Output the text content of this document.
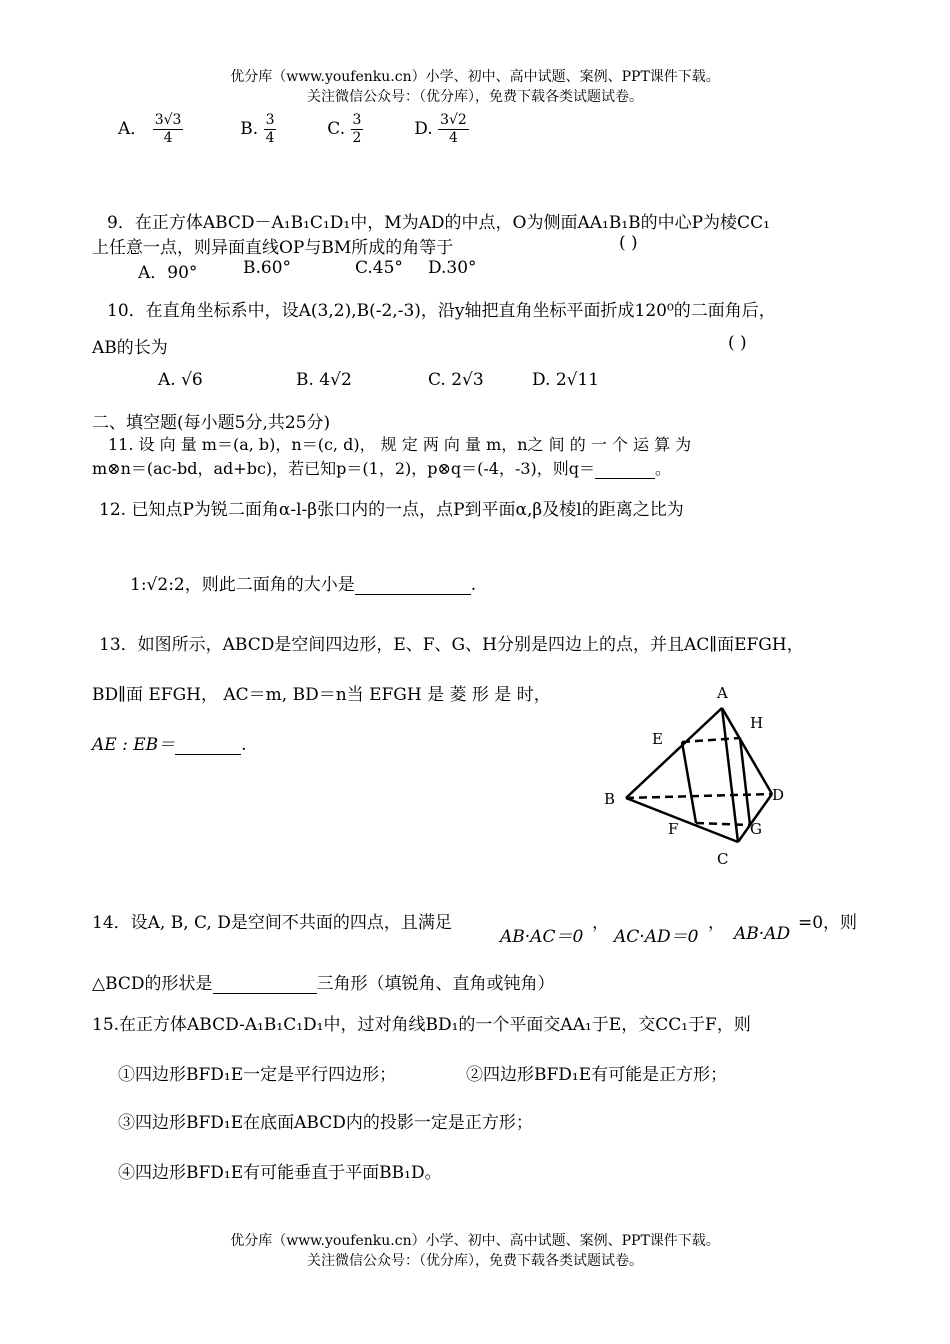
优分库（www.youfenku.cn）小学、初中、高中试题、案例、PPT课件下载。
关注微信公众号：（优分库），免费下载各类试题试卷。
A． $\frac{3√3}{4}$	B. $\frac{3}{4}$	C. $\frac{3}{2}$	D. $\frac{3√2}{4}$
9．在正方体ABCD－A₁B₁C₁D₁中，M为AD的中点，O为侧面AA₁B₁B的中心P为棱CC₁
上任意一点，则异面直线OP与BM所成的角等于	( )
A．90°	B.60°	C.45° D.30°
10．在直角坐标系中，设A(3,2),B(-2,-3)，沿y轴把直角坐标平面折成120⁰的二面角后，
AB的长为	( )
A. √6	B. 4√2	C. 2√3	D. 2√11
二、填空题(每小题5分,共25分)
11. 设 向 量 m＝(a, b)，n＝(c, d)， 规 定 两 向 量 m，n之 间 的 一 个 运 算 为
m⊗n＝(ac-bd，ad+bc)，若已知p＝(1，2)，p⊗q＝(-4，-3)，则q＝	。
12. 已知点P为锐二面角α-l-β张口内的一点，点P到平面α,β及棱l的距离之比为
1:√2:2，则此二面角的大小是	.
13．如图所示，ABCD是空间四边形，E、F、G、H分别是四边上的点，并且AC∥面EFGH，
BD∥面 EFGH， AC＝m, BD＝n当 EFGH 是 菱 形 是 时，
AE : EB＝	.
A
H
E
B	D
F	G
C
14．设A, B, C, D是空间不共面的四点，且满足
AB·AC＝0
，
AC·AD＝0
，
AB·AD
=0，则
△BCD的形状是	三角形（填锐角、直角或钝角）
15.在正方体ABCD-A₁B₁C₁D₁中，过对角线BD₁的一个平面交AA₁于E，交CC₁于F，则
①四边形BFD₁E一定是平行四边形；	②四边形BFD₁E有可能是正方形；
③四边形BFD₁E在底面ABCD内的投影一定是正方形；
④四边形BFD₁E有可能垂直于平面BB₁D。
优分库（www.youfenku.cn）小学、初中、高中试题、案例、PPT课件下载。
关注微信公众号：（优分库），免费下载各类试题试卷。
